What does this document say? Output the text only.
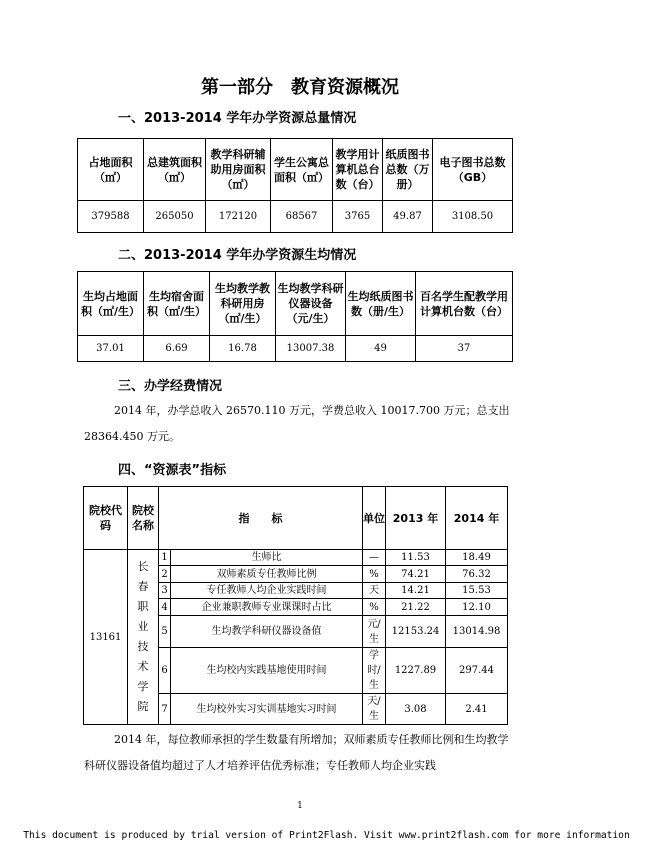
第一部分　教育资源概况
一、2013-2014 学年办学资源总量情况
占地面积（㎡）	总建筑面积（㎡）	教学科研辅助用房面积（㎡）	学生公寓总面积（㎡）	教学用计算机总台数（台）	纸质图书总数（万册）	电子图书总数（GB）
379588	265050	172120	68567	3765	49.87	3108.50
二、2013-2014 学年办学资源生均情况
生均占地面积（㎡/生）	生均宿舍面积（㎡/生）	生均教学教科研用房（㎡/生）	生均教学科研仪器设备（元/生）	生均纸质图书数（册/生）	百名学生配教学用计算机台数（台）
37.01	6.69	16.78	13007.38	49	37
三、办学经费情况
2014 年，办学总收入 26570.110 万元，学费总收入 10017.700 万元；总支出 28364.450 万元。
四、“资源表”指标
院校代码	院校名称	指　　标		单位	2013 年	2014 年
13161	长春职业技术学院	1	生师比	—	11.53	18.49
		2	双师素质专任教师比例	%	74.21	76.32
		3	专任教师人均企业实践时间	天	14.21	15.53
		4	企业兼职教师专业课课时占比	%	21.22	12.10
		5	生均教学科研仪器设备值	元/生	12153.24	13014.98
		6	生均校内实践基地使用时间	学时/生	1227.89	297.44
		7	生均校外实习实训基地实习时间	天/生	3.08	2.41
2014 年，每位教师承担的学生数量有所增加；双师素质专任教师比例和生均教学科研仪器设备值均超过了人才培养评估优秀标准；专任教师人均企业实践
1
This document is produced by trial version of Print2Flash. Visit www.print2flash.com for more information
